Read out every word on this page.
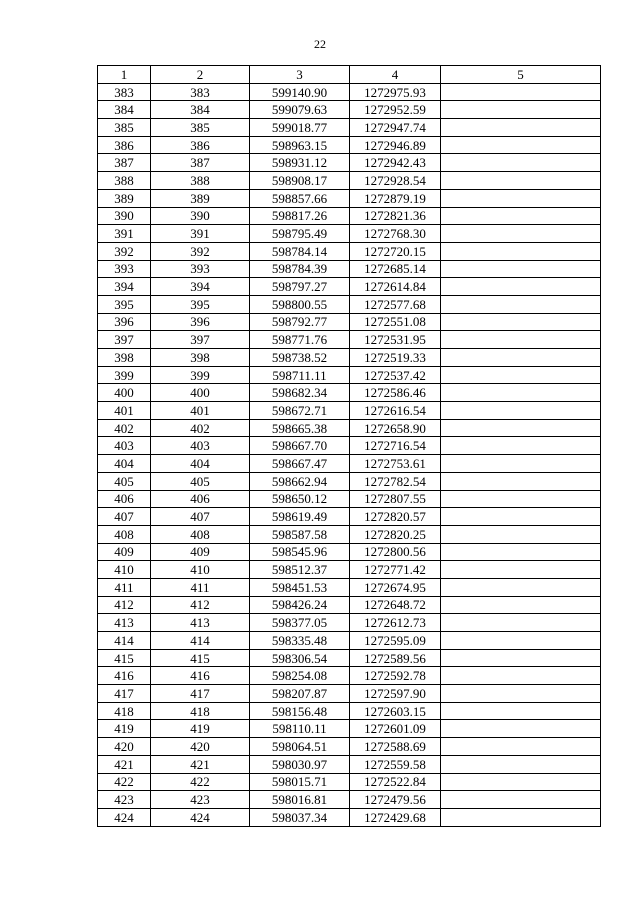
22
1	2	3	4	5
383	383	599140.90	1272975.93	
384	384	599079.63	1272952.59	
385	385	599018.77	1272947.74	
386	386	598963.15	1272946.89	
387	387	598931.12	1272942.43	
388	388	598908.17	1272928.54	
389	389	598857.66	1272879.19	
390	390	598817.26	1272821.36	
391	391	598795.49	1272768.30	
392	392	598784.14	1272720.15	
393	393	598784.39	1272685.14	
394	394	598797.27	1272614.84	
395	395	598800.55	1272577.68	
396	396	598792.77	1272551.08	
397	397	598771.76	1272531.95	
398	398	598738.52	1272519.33	
399	399	598711.11	1272537.42	
400	400	598682.34	1272586.46	
401	401	598672.71	1272616.54	
402	402	598665.38	1272658.90	
403	403	598667.70	1272716.54	
404	404	598667.47	1272753.61	
405	405	598662.94	1272782.54	
406	406	598650.12	1272807.55	
407	407	598619.49	1272820.57	
408	408	598587.58	1272820.25	
409	409	598545.96	1272800.56	
410	410	598512.37	1272771.42	
411	411	598451.53	1272674.95	
412	412	598426.24	1272648.72	
413	413	598377.05	1272612.73	
414	414	598335.48	1272595.09	
415	415	598306.54	1272589.56	
416	416	598254.08	1272592.78	
417	417	598207.87	1272597.90	
418	418	598156.48	1272603.15	
419	419	598110.11	1272601.09	
420	420	598064.51	1272588.69	
421	421	598030.97	1272559.58	
422	422	598015.71	1272522.84	
423	423	598016.81	1272479.56	
424	424	598037.34	1272429.68	
